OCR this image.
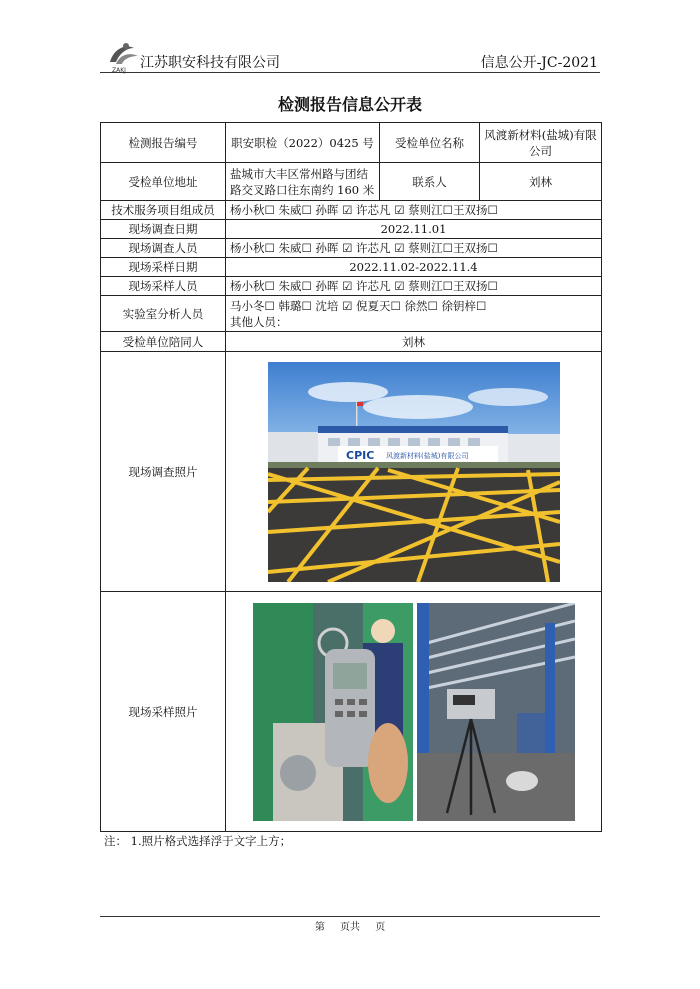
ZAKJ 江苏职安科技有限公司	信息公开-JC-2021
检测报告信息公开表
检测报告编号	职安职检（2022）0425 号	受检单位名称	风渡新材料(盐城)有限公司
受检单位地址	盐城市大丰区常州路与团结路交叉路口往东南约 160 米	联系人	刘林
技术服务项目组成员	杨小秋☐ 朱威☐ 孙晖 ☑ 许芯凡 ☑ 蔡则江☐王双扬☐		
现场调查日期	2022.11.01		
现场调查人员	杨小秋☐ 朱威☐ 孙晖 ☑ 许芯凡 ☑ 蔡则江☐王双扬☐		
现场采样日期	2022.11.02-2022.11.4		
现场采样人员	杨小秋☐ 朱威☐ 孙晖 ☑ 许芯凡 ☑ 蔡则江☐王双扬☐		
实验室分析人员	马小冬☐ 韩璐☐ 沈培 ☑ 倪夏天☐ 徐然☐ 徐钥梓☐
其他人员：		

受检单位陪同人	刘林		
现场调查照片	CPIC 风渡新材料(盐城)有限公司		

现场采样照片	
注： 1.照片格式选择浮于文字上方；
第 页共 页
